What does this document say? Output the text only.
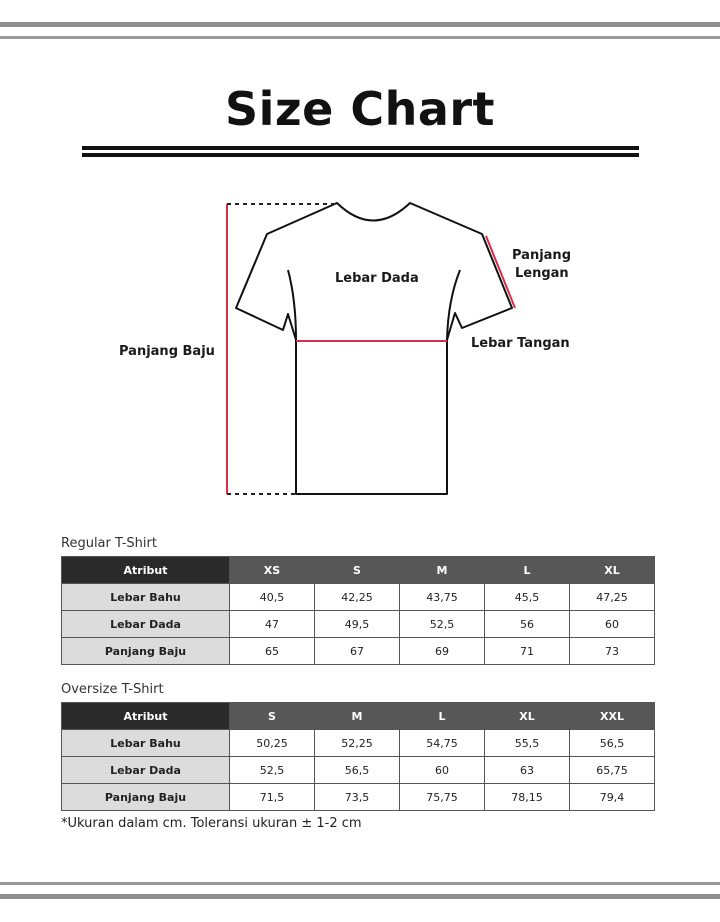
Size Chart
Panjang Baju
Lebar Dada
Panjang
Lengan
Lebar Tangan
Regular T-Shirt
Atribut	XS	S	M	L	XL
Lebar Bahu	40,5	42,25	43,75	45,5	47,25
Lebar Dada	47	49,5	52,5	56	60
Panjang Baju	65	67	69	71	73
Oversize T-Shirt
Atribut	S	M	L	XL	XXL
Lebar Bahu	50,25	52,25	54,75	55,5	56,5
Lebar Dada	52,5	56,5	60	63	65,75
Panjang Baju	71,5	73,5	75,75	78,15	79,4
*Ukuran dalam cm. Toleransi ukuran ± 1-2 cm
